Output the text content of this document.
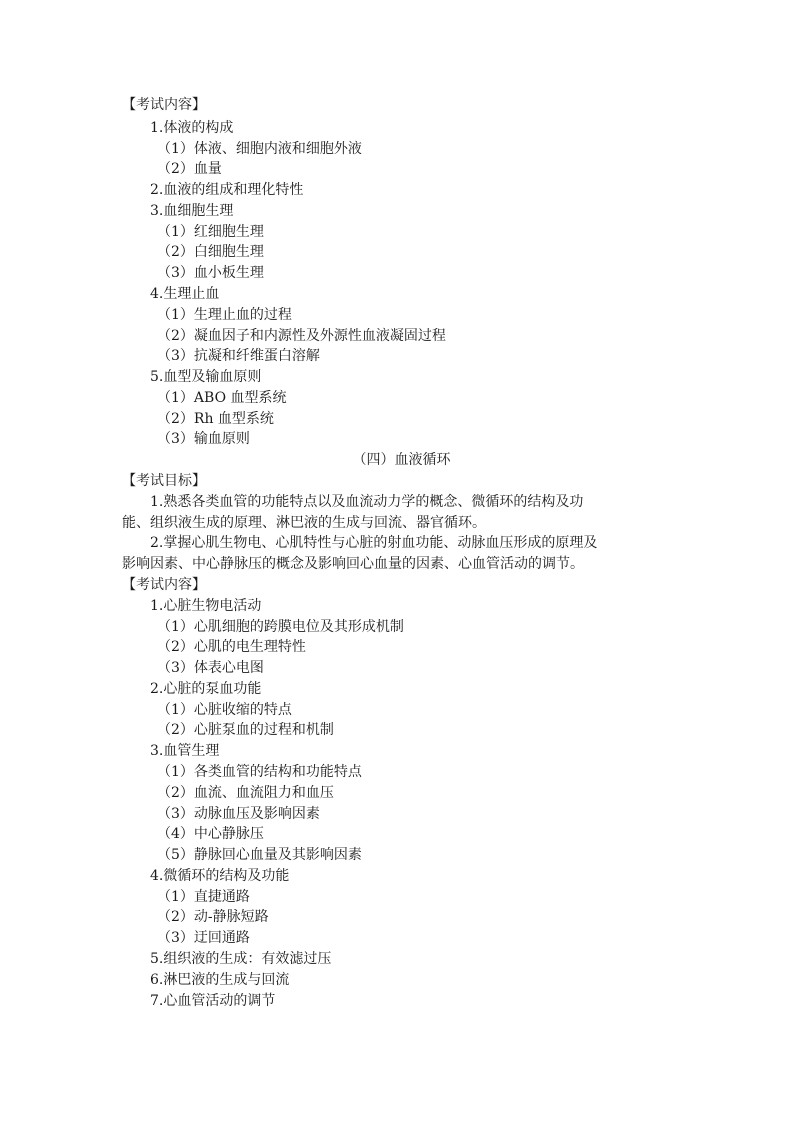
【考试内容】
1.体液的构成
（1）体液、细胞内液和细胞外液
（2）血量
2.血液的组成和理化特性
3.血细胞生理
（1）红细胞生理
（2）白细胞生理
（3）血小板生理
4.生理止血
（1）生理止血的过程
（2）凝血因子和内源性及外源性血液凝固过程
（3）抗凝和纤维蛋白溶解
5.血型及输血原则
（1）ABO 血型系统
（2）Rh 血型系统
（3）输血原则
（四）血液循环
【考试目标】
1.熟悉各类血管的功能特点以及血流动力学的概念、微循环的结构及功
能、组织液生成的原理、淋巴液的生成与回流、器官循环。
2.掌握心肌生物电、心肌特性与心脏的射血功能、动脉血压形成的原理及
影响因素、中心静脉压的概念及影响回心血量的因素、心血管活动的调节。
【考试内容】
1.心脏生物电活动
（1）心肌细胞的跨膜电位及其形成机制
（2）心肌的电生理特性
（3）体表心电图
2.心脏的泵血功能
（1）心脏收缩的特点
（2）心脏泵血的过程和机制
3.血管生理
（1）各类血管的结构和功能特点
（2）血流、血流阻力和血压
（3）动脉血压及影响因素
（4）中心静脉压
（5）静脉回心血量及其影响因素
4.微循环的结构及功能
（1）直捷通路
（2）动-静脉短路
（3）迂回通路
5.组织液的生成：有效滤过压
6.淋巴液的生成与回流
7.心血管活动的调节
